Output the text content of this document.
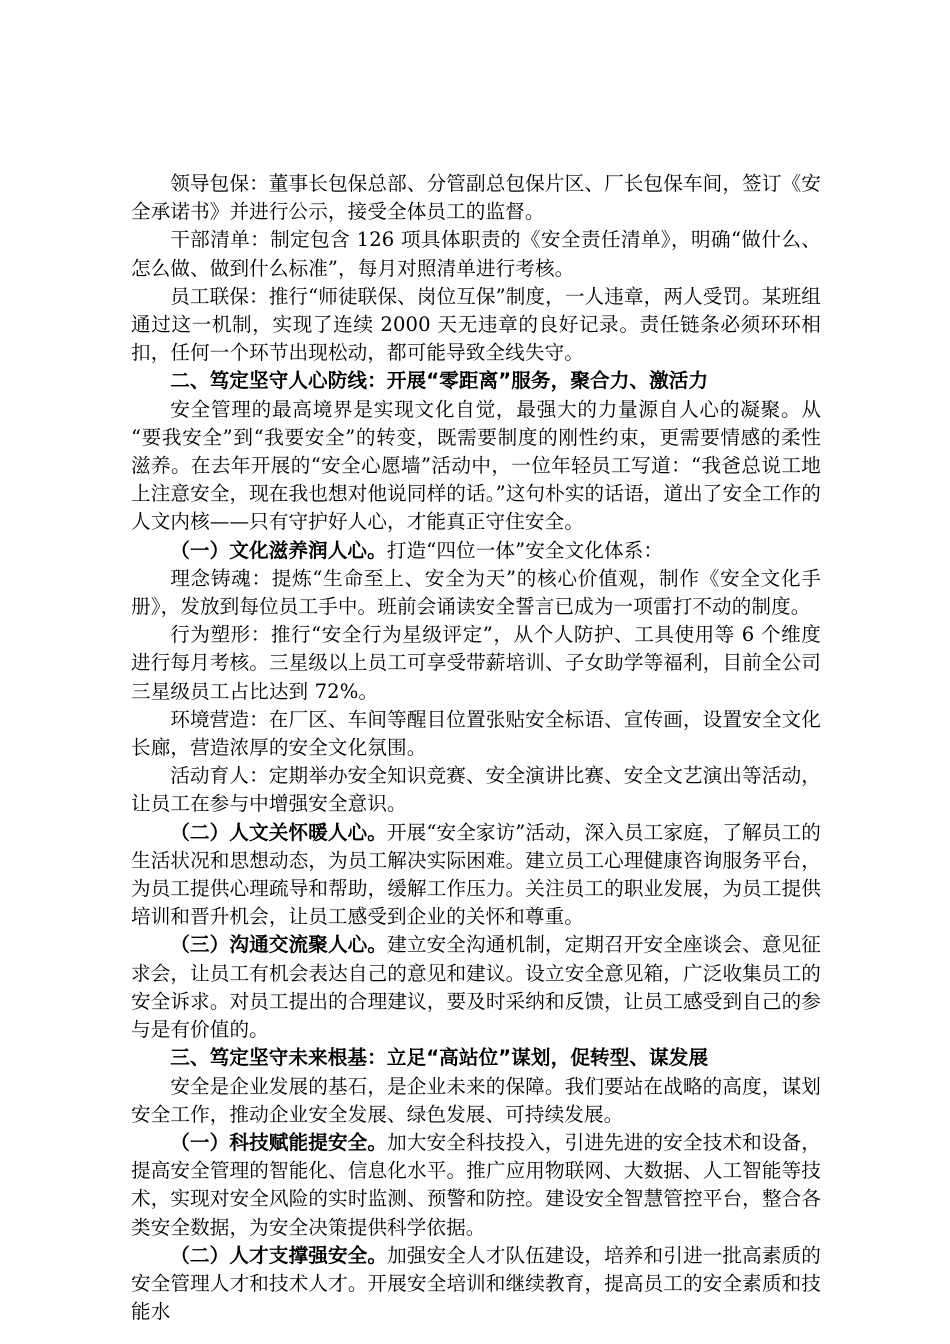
领导包保：董事长包保总部、分管副总包保片区、厂长包保车间，签订《安全承诺书》并进行公示，接受全体员工的监督。

干部清单：制定包含 126 项具体职责的《安全责任清单》，明确“做什么、怎么做、做到什么标准”，每月对照清单进行考核。

员工联保：推行“师徒联保、岗位互保”制度，一人违章，两人受罚。某班组通过这一机制，实现了连续 2000 天无违章的良好记录。责任链条必须环环相扣，任何一个环节出现松动，都可能导致全线失守。

二、笃定坚守人心防线：开展“零距离”服务，聚合力、激活力

安全管理的最高境界是实现文化自觉，最强大的力量源自人心的凝聚。从“要我安全”到“我要安全”的转变，既需要制度的刚性约束，更需要情感的柔性滋养。在去年开展的“安全心愿墙”活动中，一位年轻员工写道：“我爸总说工地上注意安全，现在我也想对他说同样的话。”这句朴实的话语，道出了安全工作的人文内核——只有守护好人心，才能真正守住安全。

（一）文化滋养润人心。打造“四位一体”安全文化体系：

理念铸魂：提炼“生命至上、安全为天”的核心价值观，制作《安全文化手册》，发放到每位员工手中。班前会诵读安全誓言已成为一项雷打不动的制度。

行为塑形：推行“安全行为星级评定”，从个人防护、工具使用等 6 个维度进行每月考核。三星级以上员工可享受带薪培训、子女助学等福利，目前全公司三星级员工占比达到 72%。

环境营造：在厂区、车间等醒目位置张贴安全标语、宣传画，设置安全文化长廊，营造浓厚的安全文化氛围。

活动育人：定期举办安全知识竞赛、安全演讲比赛、安全文艺演出等活动，让员工在参与中增强安全意识。

（二）人文关怀暖人心。开展“安全家访”活动，深入员工家庭，了解员工的生活状况和思想动态，为员工解决实际困难。建立员工心理健康咨询服务平台，为员工提供心理疏导和帮助，缓解工作压力。关注员工的职业发展，为员工提供培训和晋升机会，让员工感受到企业的关怀和尊重。

（三）沟通交流聚人心。建立安全沟通机制，定期召开安全座谈会、意见征求会，让员工有机会表达自己的意见和建议。设立安全意见箱，广泛收集员工的安全诉求。对员工提出的合理建议，要及时采纳和反馈，让员工感受到自己的参与是有价值的。

三、笃定坚守未来根基：立足“高站位”谋划，促转型、谋发展

安全是企业发展的基石，是企业未来的保障。我们要站在战略的高度，谋划安全工作，推动企业安全发展、绿色发展、可持续发展。

（一）科技赋能提安全。加大安全科技投入，引进先进的安全技术和设备，提高安全管理的智能化、信息化水平。推广应用物联网、大数据、人工智能等技术，实现对安全风险的实时监测、预警和防控。建设安全智慧管控平台，整合各类安全数据，为安全决策提供科学依据。

（二）人才支撑强安全。加强安全人才队伍建设，培养和引进一批高素质的安全管理人才和技术人才。开展安全培训和继续教育，提高员工的安全素质和技能水
